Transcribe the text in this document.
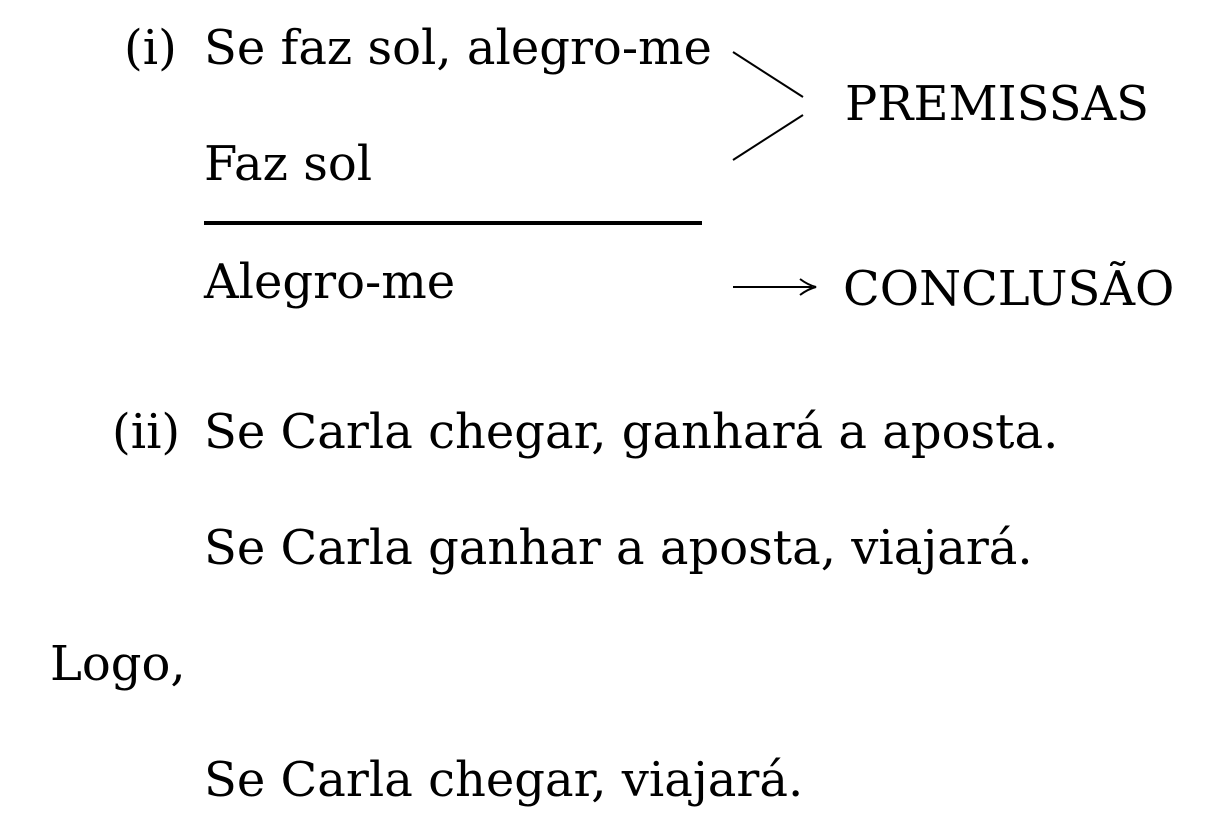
(i) Se faz sol, alegro-me
Faz sol
Alegro-me
PREMISSAS
CONCLUSÃO
(ii) Se Carla chegar, ganhará a aposta.
Se Carla ganhar a aposta, viajará.
Logo,
Se Carla chegar, viajará.
